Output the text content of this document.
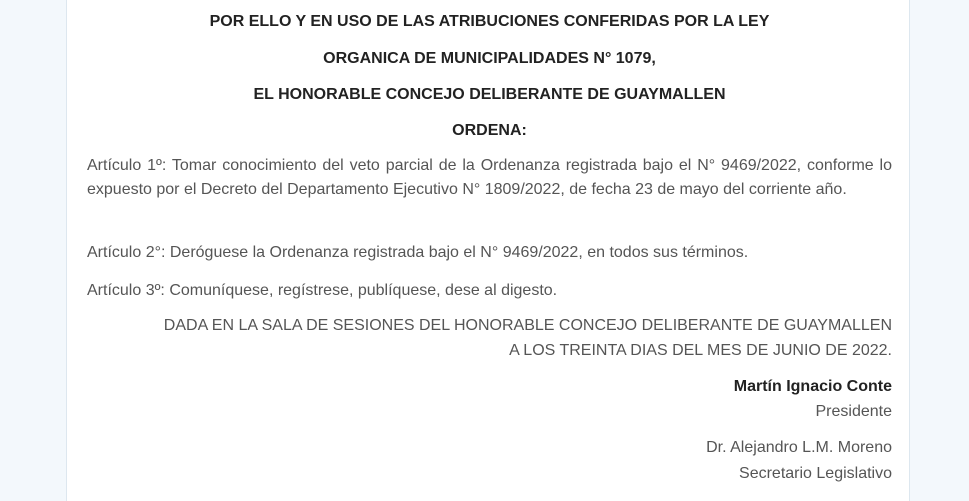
POR ELLO Y EN USO DE LAS ATRIBUCIONES CONFERIDAS POR LA LEY

ORGANICA DE MUNICIPALIDADES N° 1079,

EL HONORABLE CONCEJO DELIBERANTE DE GUAYMALLEN

ORDENA:

Artículo 1º: Tomar conocimiento del veto parcial de la Ordenanza registrada bajo el N° 9469/2022, conforme lo expuesto por el Decreto del Departamento Ejecutivo N° 1809/2022, de fecha 23 de mayo del corriente año.

Artículo 2°: Deróguese la Ordenanza registrada bajo el N° 9469/2022, en todos sus términos.

Artículo 3º: Comuníquese, regístrese, publíquese, dese al digesto.

DADA EN LA SALA DE SESIONES DEL HONORABLE CONCEJO DELIBERANTE DE GUAYMALLEN

A LOS TREINTA DIAS DEL MES DE JUNIO DE 2022.

Martín Ignacio Conte

Presidente

Dr. Alejandro L.M. Moreno

Secretario Legislativo
